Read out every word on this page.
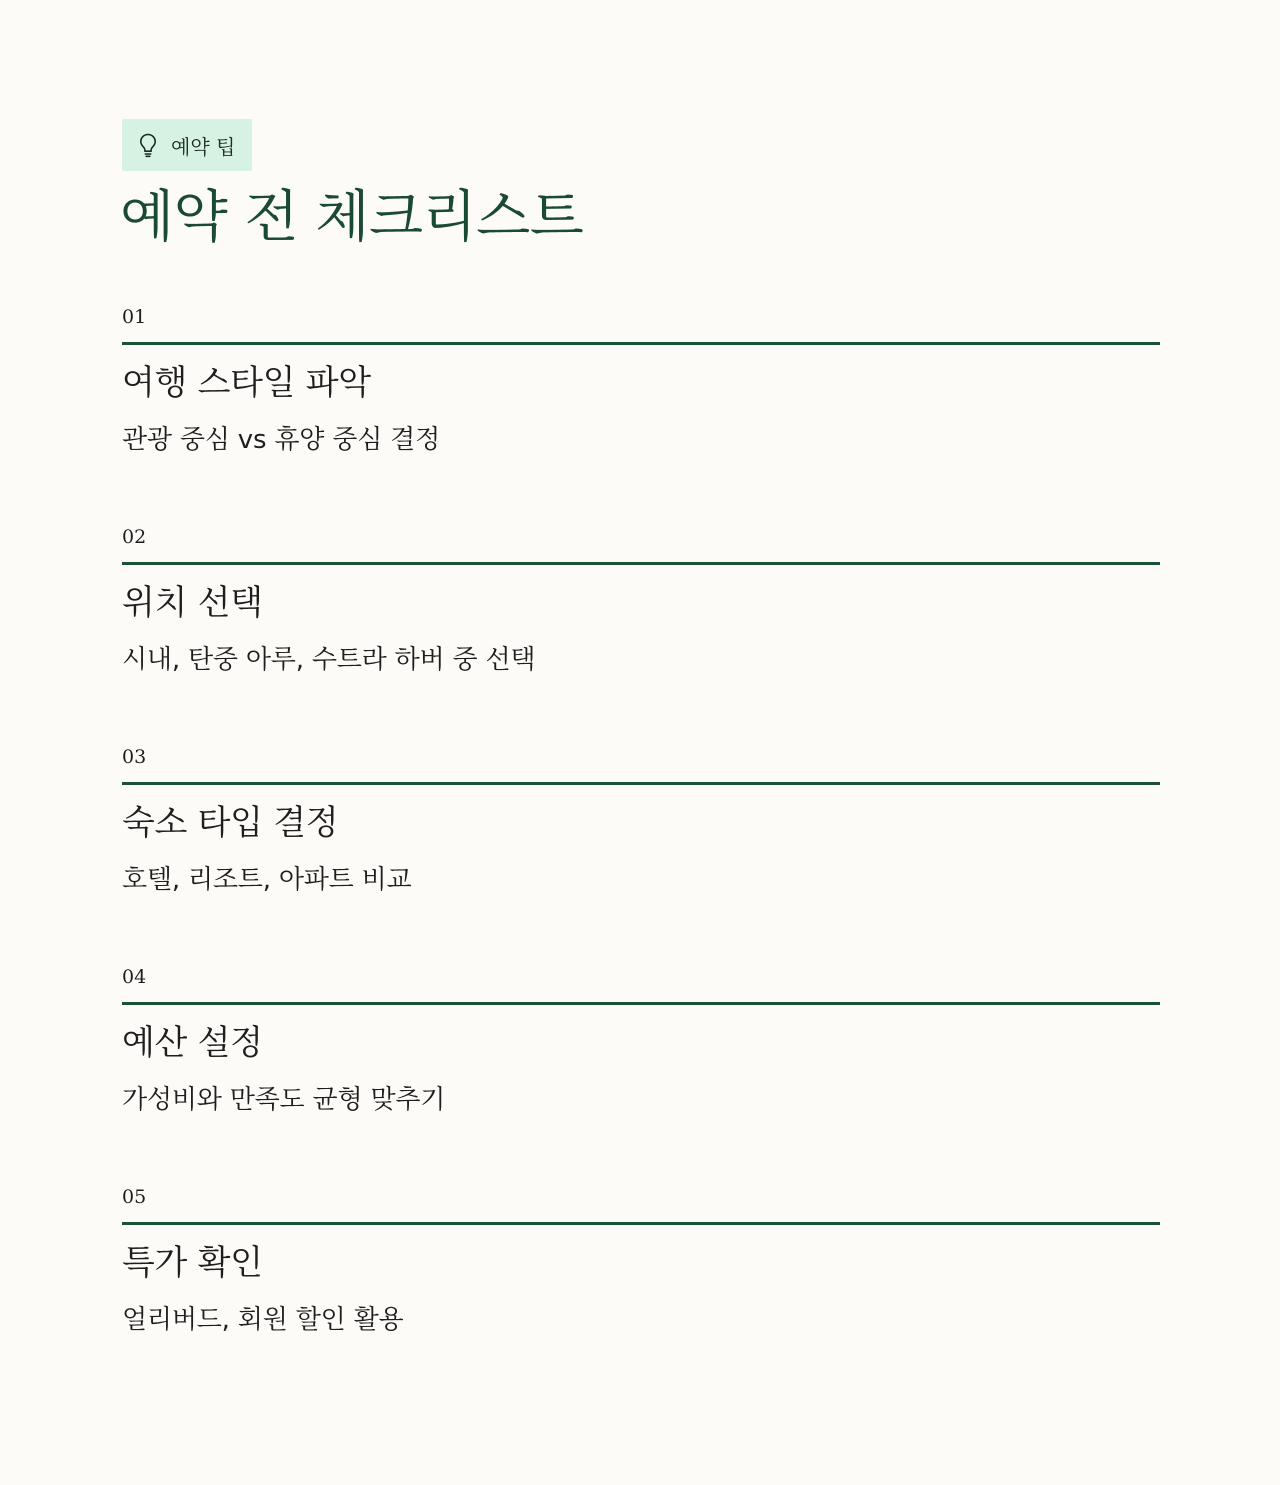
예약 팁
예약 전 체크리스트
01
여행 스타일 파악
관광 중심 vs 휴양 중심 결정
02
위치 선택
시내, 탄중 아루, 수트라 하버 중 선택
03
숙소 타입 결정
호텔, 리조트, 아파트 비교
04
예산 설정
가성비와 만족도 균형 맞추기
05
특가 확인
얼리버드, 회원 할인 활용
